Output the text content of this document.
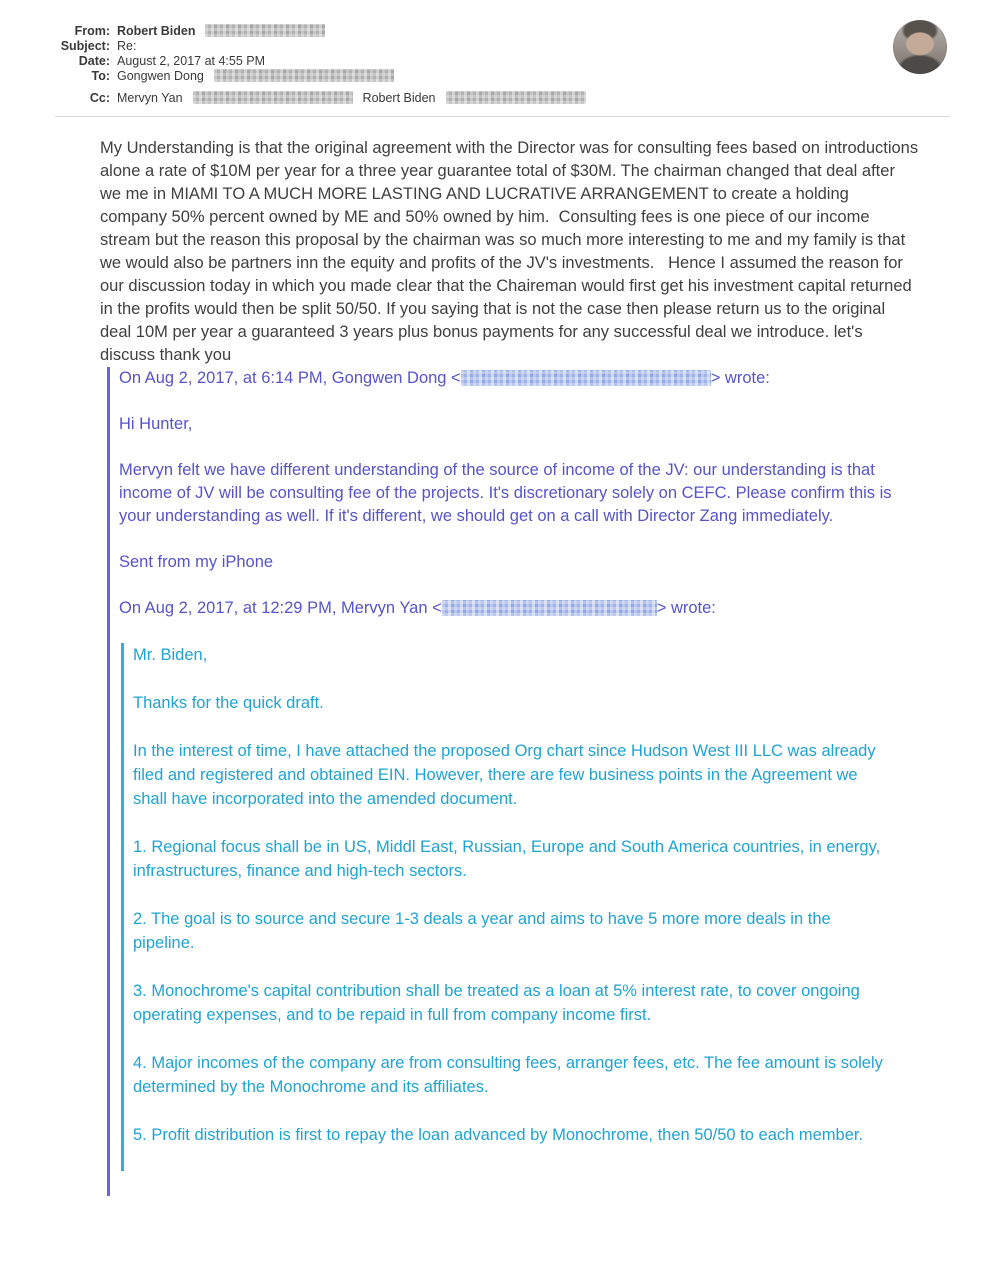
From: Robert Biden
Subject: Re:
Date: August 2, 2017 at 4:55 PM
To: Gongwen Dong
Cc: Mervyn Yan	Robert Biden

My Understanding is that the original agreement with the Director was for consulting fees based on introductions alone a rate of $10M per year for a three year guarantee total of $30M. The chairman changed that deal after we me in MIAMI TO A MUCH MORE LASTING AND LUCRATIVE ARRANGEMENT to create a holding company 50% percent owned by ME and 50% owned by him.  Consulting fees is one piece of our income stream but the reason this proposal by the chairman was so much more interesting to me and my family is that we would also be partners inn the equity and profits of the JV's investments.   Hence I assumed the reason for our discussion today in which you made clear that the Chaireman would first get his investment capital returned in the profits would then be split 50/50. If you saying that is not the case then please return us to the original deal 10M per year a guaranteed 3 years plus bonus payments for any successful deal we introduce. let's discuss thank you

On Aug 2, 2017, at 6:14 PM, Gongwen Dong <	> wrote:

Hi Hunter,

Mervyn felt we have different understanding of the source of income of the JV: our understanding is that income of JV will be consulting fee of the projects. It's discretionary solely on CEFC. Please confirm this is your understanding as well. If it's different, we should get on a call with Director Zang immediately.

Sent from my iPhone

On Aug 2, 2017, at 12:29 PM, Mervyn Yan <	> wrote:

Mr. Biden,

Thanks for the quick draft.

In the interest of time, I have attached the proposed Org chart since Hudson West III LLC was already filed and registered and obtained EIN. However, there are few business points in the Agreement we shall have incorporated into the amended document.

1. Regional focus shall be in US, Middl East, Russian, Europe and South America countries, in energy, infrastructures, finance and high-tech sectors.

2. The goal is to source and secure 1-3 deals a year and aims to have 5 more more deals in the pipeline.

3. Monochrome's capital contribution shall be treated as a loan at 5% interest rate, to cover ongoing operating expenses, and to be repaid in full from company income first.

4. Major incomes of the company are from consulting fees, arranger fees, etc. The fee amount is solely determined by the Monochrome and its affiliates.

5. Profit distribution is first to repay the loan advanced by Monochrome, then 50/50 to each member.
